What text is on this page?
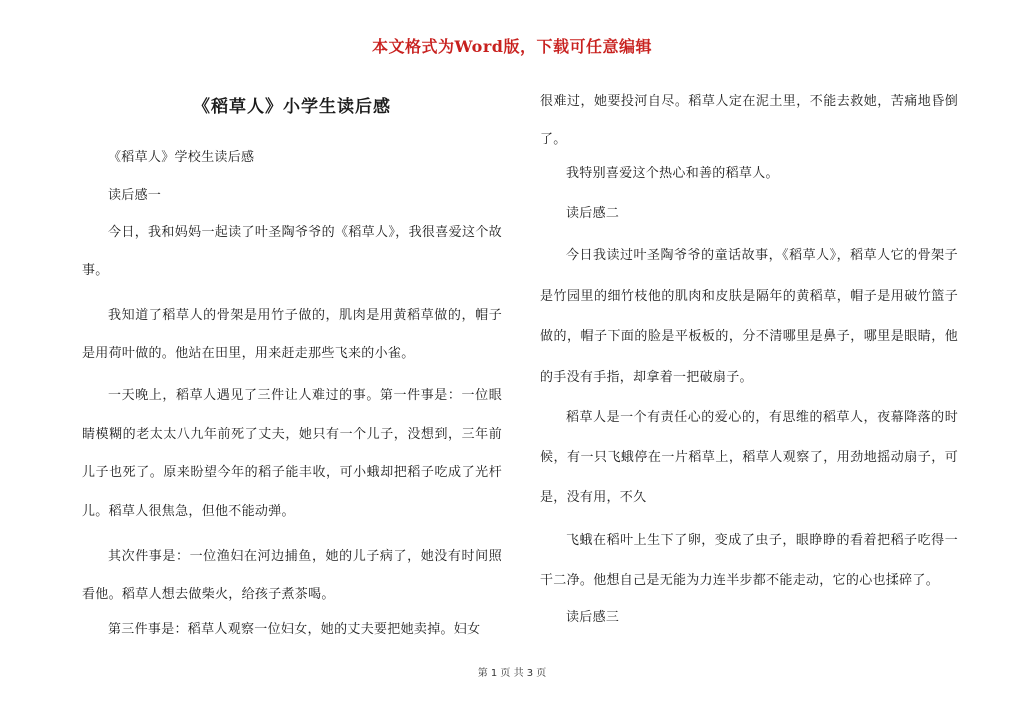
本文格式为Word版，下载可任意编辑
《稻草人》小学生读后感

《稻草人》学校生读后感

读后感一

今日，我和妈妈一起读了叶圣陶爷爷的《稻草人》，我很喜爱这个故事。

我知道了稻草人的骨架是用竹子做的，肌肉是用黄稻草做的，帽子是用荷叶做的。他站在田里，用来赶走那些飞来的小雀。

一天晚上，稻草人遇见了三件让人难过的事。第一件事是：一位眼睛模糊的老太太八九年前死了丈夫，她只有一个儿子，没想到，三年前儿子也死了。原来盼望今年的稻子能丰收，可小蛾却把稻子吃成了光杆儿。稻草人很焦急，但他不能动弹。

其次件事是：一位渔妇在河边捕鱼，她的儿子病了，她没有时间照看他。稻草人想去做柴火，给孩子煮茶喝。

第三件事是：稻草人观察一位妇女，她的丈夫要把她卖掉。妇女

很难过，她要投河自尽。稻草人定在泥土里，不能去救她，苦痛地昏倒了。

我特别喜爱这个热心和善的稻草人。

读后感二

今日我读过叶圣陶爷爷的童话故事，《稻草人》，稻草人它的骨架子是竹园里的细竹枝他的肌肉和皮肤是隔年的黄稻草，帽子是用破竹篮子做的，帽子下面的脸是平板板的，分不清哪里是鼻子，哪里是眼睛，他的手没有手指，却拿着一把破扇子。

稻草人是一个有责任心的爱心的，有思维的稻草人，夜幕降落的时候，有一只飞蛾停在一片稻草上，稻草人观察了，用劲地摇动扇子，可是，没有用，不久

飞蛾在稻叶上生下了卵，变成了虫子，眼睁睁的看着把稻子吃得一干二净。他想自己是无能为力连半步都不能走动，它的心也揉碎了。

读后感三

第 1 页 共 3 页
